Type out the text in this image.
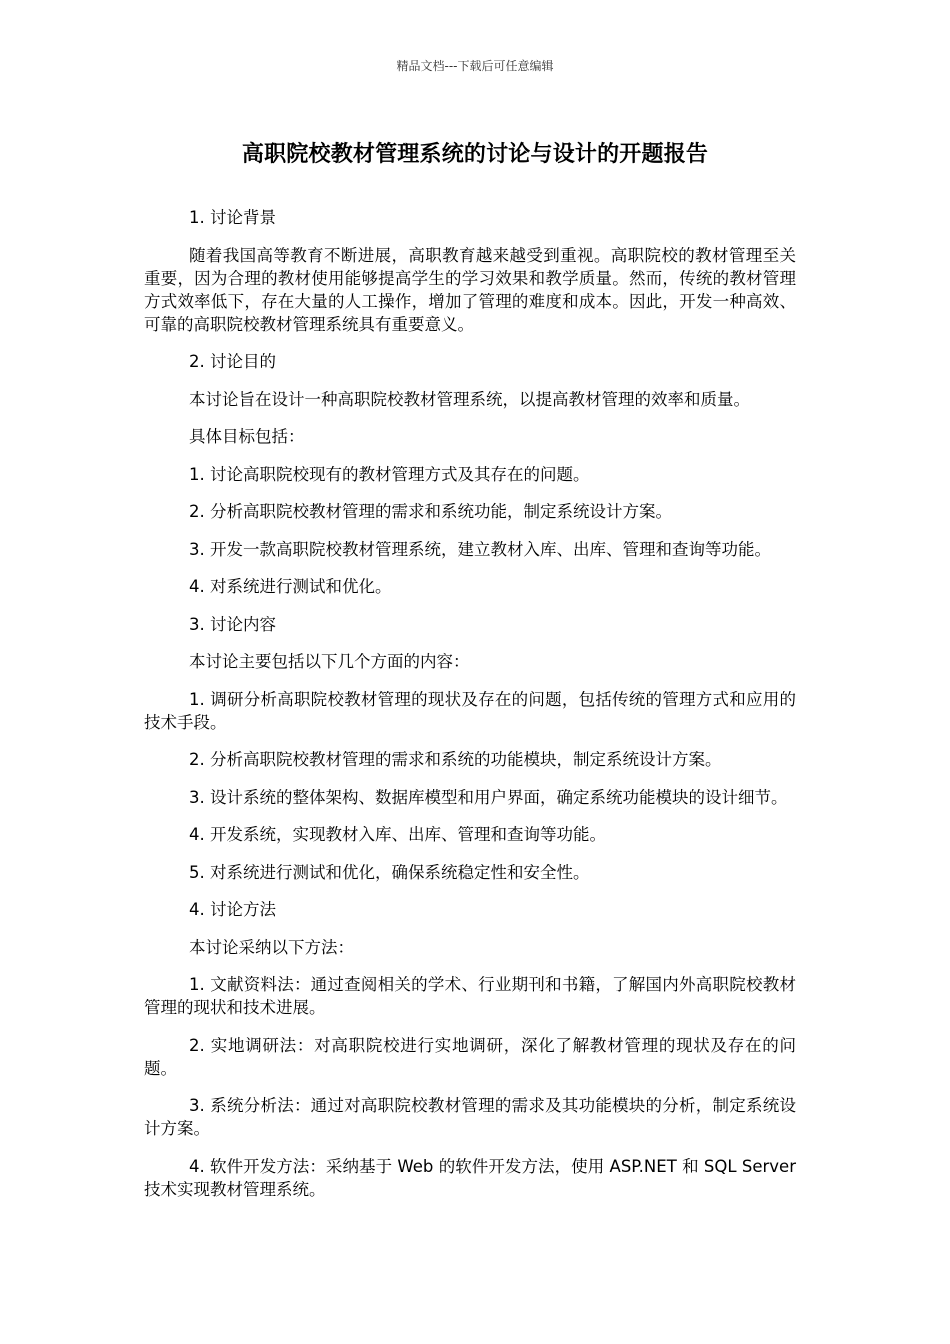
精品文档---下载后可任意编辑
高职院校教材管理系统的讨论与设计的开题报告

1. 讨论背景

随着我国高等教育不断进展，高职教育越来越受到重视。高职院校的教材管理至关重要，因为合理的教材使用能够提高学生的学习效果和教学质量。然而，传统的教材管理方式效率低下，存在大量的人工操作，增加了管理的难度和成本。因此，开发一种高效、可靠的高职院校教材管理系统具有重要意义。

2. 讨论目的

本讨论旨在设计一种高职院校教材管理系统，以提高教材管理的效率和质量。

具体目标包括：

1. 讨论高职院校现有的教材管理方式及其存在的问题。

2. 分析高职院校教材管理的需求和系统功能，制定系统设计方案。

3. 开发一款高职院校教材管理系统，建立教材入库、出库、管理和查询等功能。

4. 对系统进行测试和优化。

3. 讨论内容

本讨论主要包括以下几个方面的内容：

1. 调研分析高职院校教材管理的现状及存在的问题，包括传统的管理方式和应用的技术手段。

2. 分析高职院校教材管理的需求和系统的功能模块，制定系统设计方案。

3. 设计系统的整体架构、数据库模型和用户界面，确定系统功能模块的设计细节。

4. 开发系统，实现教材入库、出库、管理和查询等功能。

5. 对系统进行测试和优化，确保系统稳定性和安全性。

4. 讨论方法

本讨论采纳以下方法：

1. 文献资料法：通过查阅相关的学术、行业期刊和书籍，了解国内外高职院校教材管理的现状和技术进展。

2. 实地调研法：对高职院校进行实地调研，深化了解教材管理的现状及存在的问题。

3. 系统分析法：通过对高职院校教材管理的需求及其功能模块的分析，制定系统设计方案。

4. 软件开发方法：采纳基于 Web 的软件开发方法，使用 ASP.NET 和 SQL Server 技术实现教材管理系统。
